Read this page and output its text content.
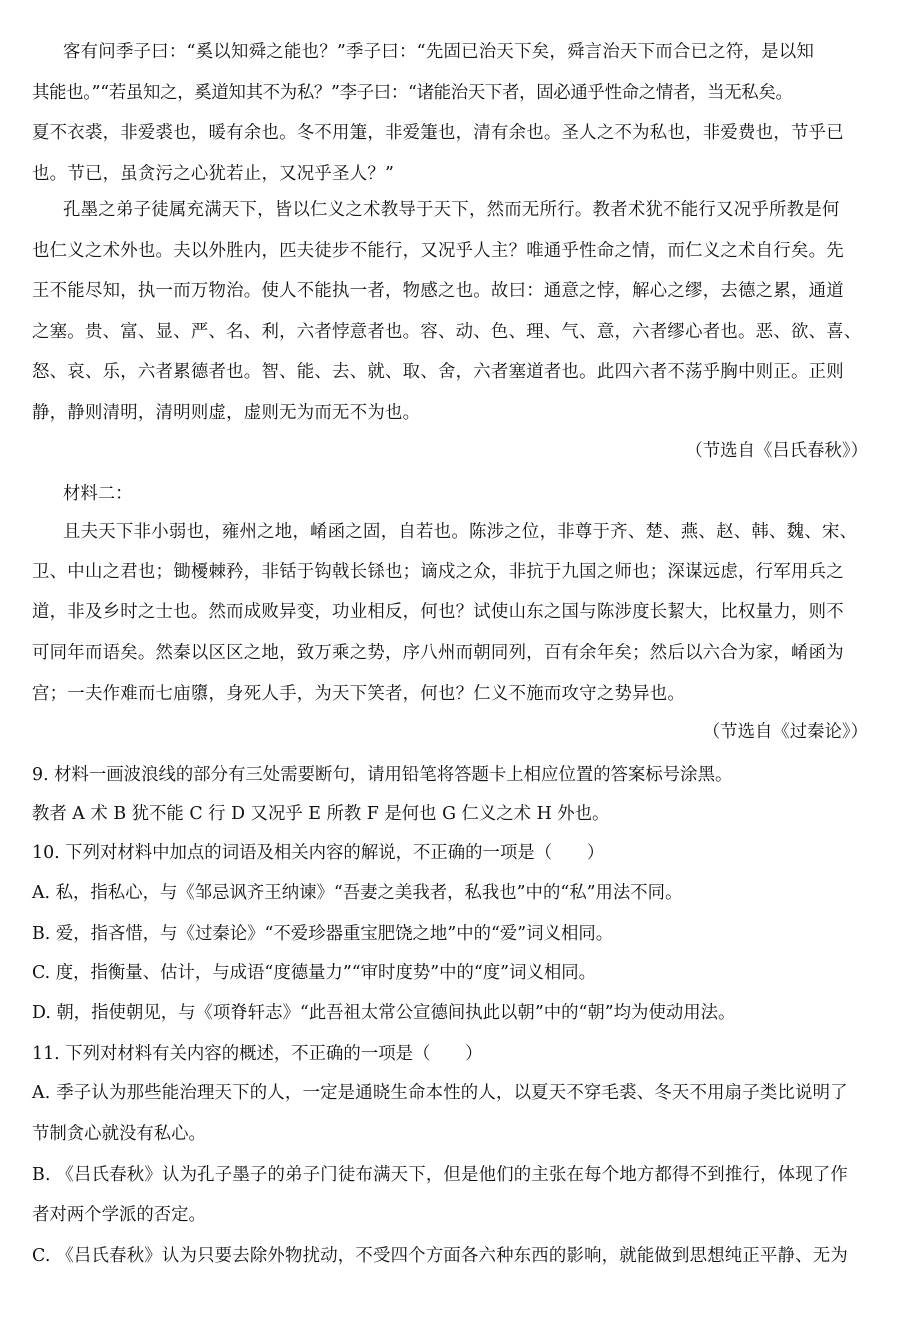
客有问季子曰：“奚以知舜之能也？”季子曰：“先固已治天下矣，舜言治天下而合已之符，是以知
其能也。”“若虽知之，奚道知其不为私？”李子曰：“诸能治天下者，固必通乎性命之情者，当无私矣。
夏不衣裘，非爱裘也，暖有余也。冬不用箑，非爱箑也，清有余也。圣人之不为私也，非爱费也，节乎已
也。节已，虽贪污之心犹若止，又况乎圣人？”
孔墨之弟子徒属充满天下，皆以仁义之术教导于天下，然而无所行。教者术犹不能行又况乎所教是何
也仁义之术外也。夫以外胜内，匹夫徒步不能行，又况乎人主？唯通乎性命之情，而仁义之术自行矣。先
王不能尽知，执一而万物治。使人不能执一者，物感之也。故曰：通意之悖，解心之缪，去德之累，通道
之塞。贵、富、显、严、名、利，六者悖意者也。容、动、色、理、气、意，六者缪心者也。恶、欲、喜、
怒、哀、乐，六者累德者也。智、能、去、就、取、舍，六者塞道者也。此四六者不荡乎胸中则正。正则
静，静则清明，清明则虚，虚则无为而无不为也。
（节选自《吕氏春秋》）
材料二：
且夫天下非小弱也，雍州之地，崤函之固，自若也。陈涉之位，非尊于齐、楚、燕、赵、韩、魏、宋、
卫、中山之君也；锄櫌棘矜，非铦于钩戟长铩也；谪戍之众，非抗于九国之师也；深谋远虑，行军用兵之
道，非及乡时之士也。然而成败异变，功业相反，何也？试使山东之国与陈涉度长絜大，比权量力，则不
可同年而语矣。然秦以区区之地，致万乘之势，序八州而朝同列，百有余年矣；然后以六合为家，崤函为
宫；一夫作难而七庙隳，身死人手，为天下笑者，何也？仁义不施而攻守之势异也。
（节选自《过秦论》）
9. 材料一画波浪线的部分有三处需要断句，请用铅笔将答题卡上相应位置的答案标号涂黑。
教者 A 术 B 犹不能 C 行 D 又况乎 E 所教 F 是何也 G 仁义之术 H 外也。
10. 下列对材料中加点的词语及相关内容的解说，不正确的一项是（　　）
A. 私，指私心，与《邹忌讽齐王纳谏》“吾妻之美我者，私我也”中的“私”用法不同。
B. 爱，指吝惜，与《过秦论》“不爱珍器重宝肥饶之地”中的“爱”词义相同。
C. 度，指衡量、估计，与成语“度德量力”“审时度势”中的“度”词义相同。
D. 朝，指使朝见，与《项脊轩志》“此吾祖太常公宣德间执此以朝”中的“朝”均为使动用法。
11. 下列对材料有关内容的概述，不正确的一项是（　　）
A. 季子认为那些能治理天下的人，一定是通晓生命本性的人，以夏天不穿毛裘、冬天不用扇子类比说明了
节制贪心就没有私心。
B. 《吕氏春秋》认为孔子墨子的弟子门徒布满天下，但是他们的主张在每个地方都得不到推行，体现了作
者对两个学派的否定。
C. 《吕氏春秋》认为只要去除外物扰动，不受四个方面各六种东西的影响，就能做到思想纯正平静、无为
